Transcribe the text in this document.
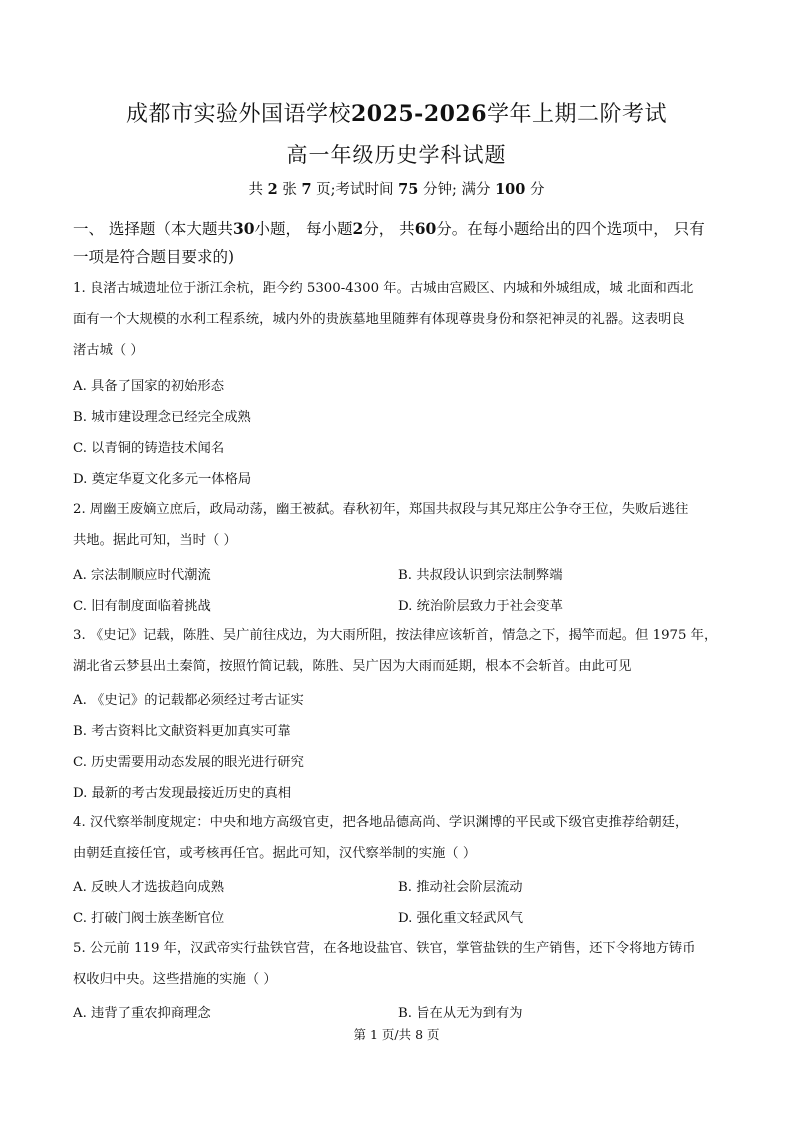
成都市实验外国语学校2025-2026学年上期二阶考试
高一年级历史学科试题
共 2 张 7 页;考试时间 75 分钟; 满分 100 分
一、 选择题（本大题共30小题， 每小题2分， 共60分。在每小题给出的四个选项中， 只有
一项是符合题目要求的)
1. 良渚古城遗址位于浙江余杭，距今约 5300-4300 年。古城由宫殿区、内城和外城组成，城 北面和西北
面有一个大规模的水利工程系统，城内外的贵族墓地里随葬有体现尊贵身份和祭祀神灵的礼器。这表明良
渚古城（ ）
A. 具备了国家的初始形态
B. 城市建设理念已经完全成熟
C. 以青铜的铸造技术闻名
D. 奠定华夏文化多元一体格局
2. 周幽王废嫡立庶后，政局动荡，幽王被弑。春秋初年，郑国共叔段与其兄郑庄公争夺王位，失败后逃往
共地。据此可知，当时（ ）
A. 宗法制顺应时代潮流	B. 共叔段认识到宗法制弊端
C. 旧有制度面临着挑战	D. 统治阶层致力于社会变革
3. 《史记》记载，陈胜、吴广前往戍边，为大雨所阻，按法律应该斩首，情急之下，揭竿而起。但 1975 年，
湖北省云梦县出土秦简，按照竹简记载，陈胜、吴广因为大雨而延期，根本不会斩首。由此可见
A. 《史记》的记载都必须经过考古证实
B. 考古资料比文献资料更加真实可靠
C. 历史需要用动态发展的眼光进行研究
D. 最新的考古发现最接近历史的真相
4. 汉代察举制度规定：中央和地方高级官吏，把各地品德高尚、学识渊博的平民或下级官吏推荐给朝廷，
由朝廷直接任官，或考核再任官。据此可知，汉代察举制的实施（ ）
A. 反映人才选拔趋向成熟	B. 推动社会阶层流动
C. 打破门阀士族垄断官位	D. 强化重文轻武风气
5. 公元前 119 年，汉武帝实行盐铁官营，在各地设盐官、铁官，掌管盐铁的生产销售，还下令将地方铸币
权收归中央。这些措施的实施（ ）
A. 违背了重农抑商理念	B. 旨在从无为到有为
第 1 页/共 8 页
